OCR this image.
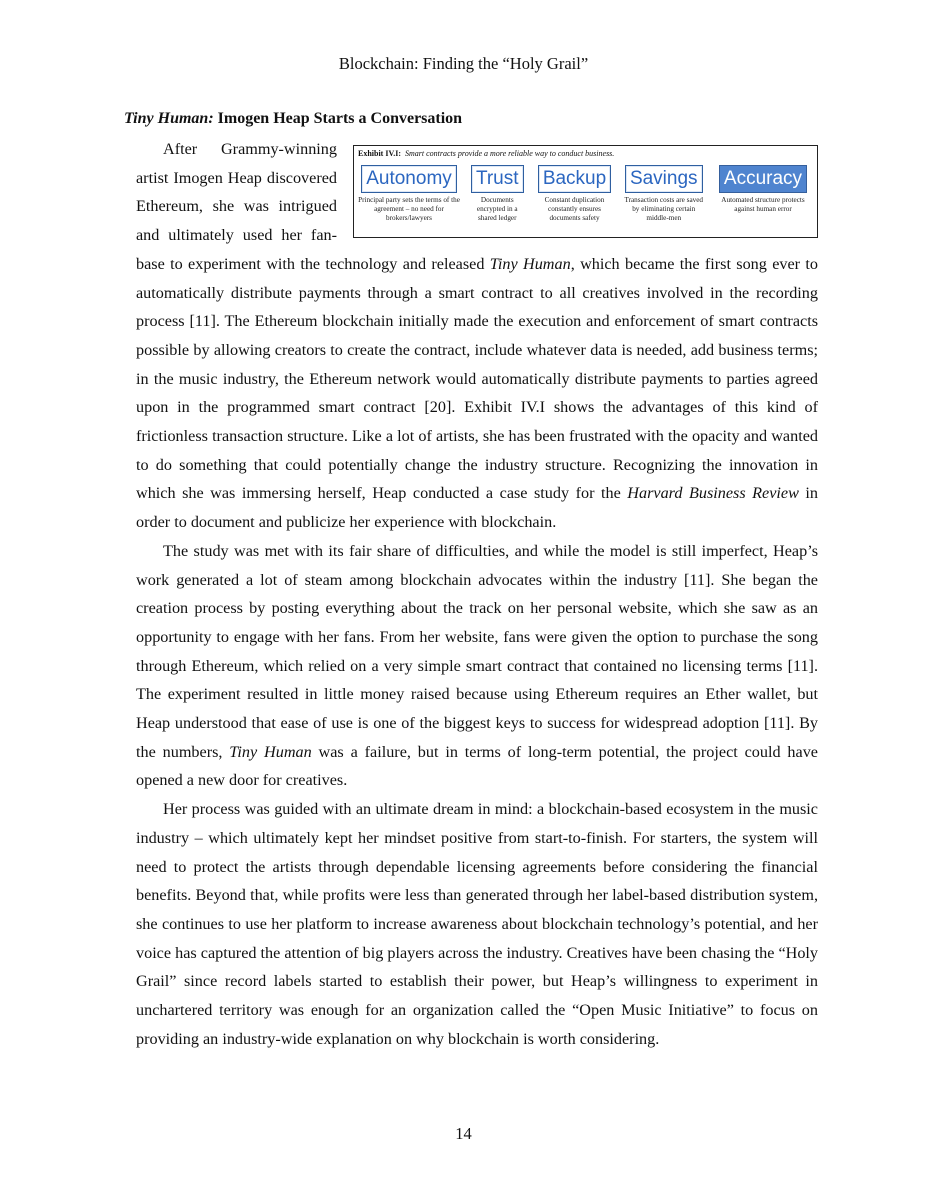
Blockchain: Finding the “Holy Grail”
Tiny Human: Imogen Heap Starts a Conversation
Exhibit IV.I: Smart contracts provide a more reliable way to conduct business.
Autonomy
Principal party sets the terms of the agreement – no need for brokers/lawyers
Trust
Documents encrypted in a shared ledger
Backup
Constant duplication constantly ensures documents safety
Savings
Transaction costs are saved by eliminating certain middle-men
Accuracy
Automated structure protects against human error

After Grammy-winning artist Imogen Heap discovered Ethereum, she was intrigued and ultimately used her fan-base to experiment with the technology and released Tiny Human, which became the first song ever to automatically distribute payments through a smart contract to all creatives involved in the recording process [11]. The Ethereum blockchain initially made the execution and enforcement of smart contracts possible by allowing creators to create the contract, include whatever data is needed, add business terms; in the music industry, the Ethereum network would automatically distribute payments to parties agreed upon in the programmed smart contract [20]. Exhibit IV.I shows the advantages of this kind of frictionless transaction structure. Like a lot of artists, she has been frustrated with the opacity and wanted to do something that could potentially change the industry structure. Recognizing the innovation in which she was immersing herself, Heap conducted a case study for the Harvard Business Review in order to document and publicize her experience with blockchain.

The study was met with its fair share of difficulties, and while the model is still imperfect, Heap’s work generated a lot of steam among blockchain advocates within the industry [11]. She began the creation process by posting everything about the track on her personal website, which she saw as an opportunity to engage with her fans. From her website, fans were given the option to purchase the song through Ethereum, which relied on a very simple smart contract that contained no licensing terms [11]. The experiment resulted in little money raised because using Ethereum requires an Ether wallet, but Heap understood that ease of use is one of the biggest keys to success for widespread adoption [11]. By the numbers, Tiny Human was a failure, but in terms of long-term potential, the project could have opened a new door for creatives.

Her process was guided with an ultimate dream in mind: a blockchain-based ecosystem in the music industry – which ultimately kept her mindset positive from start-to-finish. For starters, the system will need to protect the artists through dependable licensing agreements before considering the financial benefits. Beyond that, while profits were less than generated through her label-based distribution system, she continues to use her platform to increase awareness about blockchain technology’s potential, and her voice has captured the attention of big players across the industry. Creatives have been chasing the “Holy Grail” since record labels started to establish their power, but Heap’s willingness to experiment in unchartered territory was enough for an organization called the “Open Music Initiative” to focus on providing an industry-wide explanation on why blockchain is worth considering.

14
